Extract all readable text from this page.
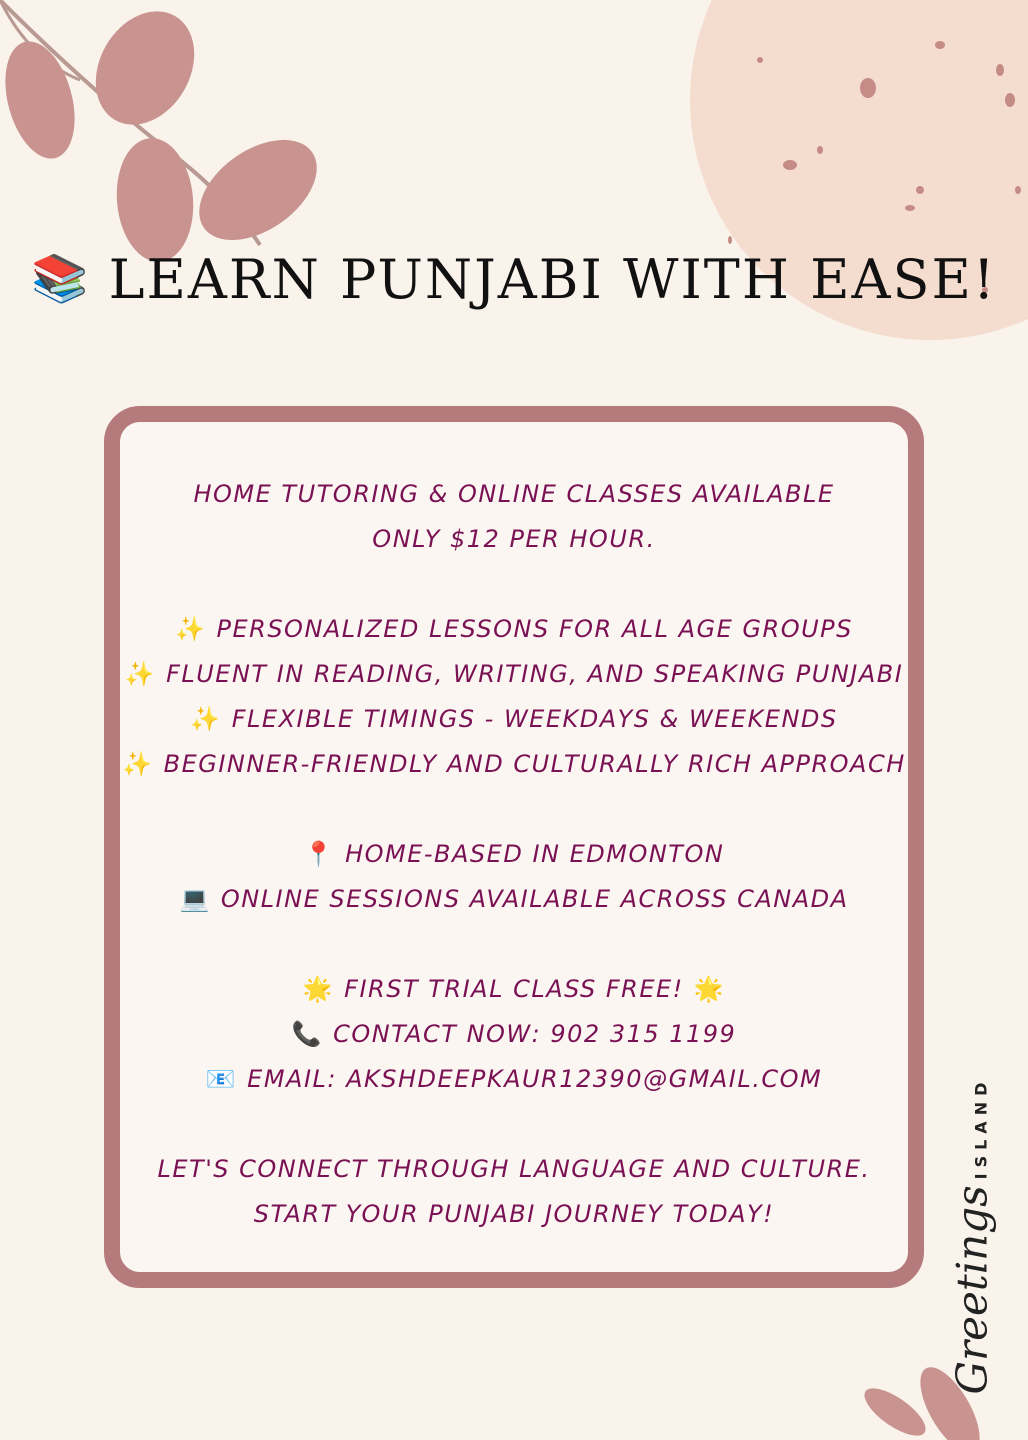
📚 LEARN PUNJABI WITH EASE!
HOME TUTORING & ONLINE CLASSES AVAILABLE
ONLY $12 PER HOUR.
✨ PERSONALIZED LESSONS FOR ALL AGE GROUPS
✨ FLUENT IN READING, WRITING, AND SPEAKING PUNJABI
✨ FLEXIBLE TIMINGS - WEEKDAYS & WEEKENDS
✨ BEGINNER-FRIENDLY AND CULTURALLY RICH APPROACH
📍 HOME-BASED IN EDMONTON
💻 ONLINE SESSIONS AVAILABLE ACROSS CANADA
🌟 FIRST TRIAL CLASS FREE! 🌟
📞 CONTACT NOW: 902 315 1199
📧 EMAIL: AKSHDEEPKAUR12390@GMAIL.COM
LET'S CONNECT THROUGH LANGUAGE AND CULTURE.
START YOUR PUNJABI JOURNEY TODAY!	GreetingsISLAND
